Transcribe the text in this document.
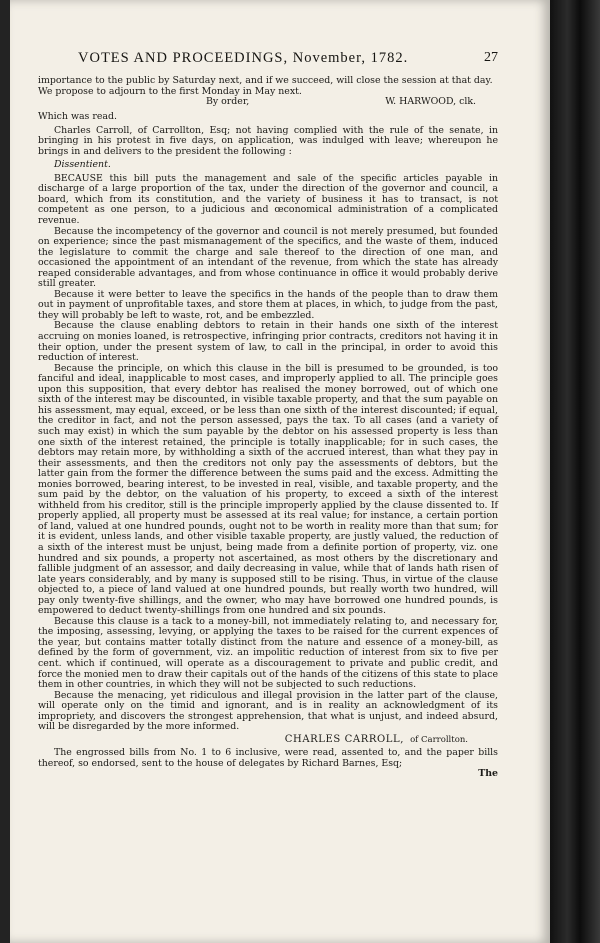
VOTES AND PROCEEDINGS, November, 1782.	27

importance to the public by Saturday next, and if we succeed, will close the session at that day.

We propose to adjourn to the first Monday in May next.

By order,	W. HARWOOD, clk.

Which was read.

Charles Carroll, of Carrollton, Esq; not having complied with the rule of the senate, in bringing in his protest in five days, on application, was indulged with leave; whereupon he brings in and delivers to the president the following :

Dissentient.

BECAUSE this bill puts the management and sale of the specific articles payable in discharge of a large proportion of the tax, under the direction of the governor and council, a board, which from its constitution, and the variety of business it has to transact, is not competent as one person, to a judicious and œconomical administration of a complicated revenue.

Because the incompetency of the governor and council is not merely presumed, but founded on experience; since the past mismanagement of the specifics, and the waste of them, induced the legislature to commit the charge and sale thereof to the direction of one man, and occasioned the appointment of an intendant of the revenue, from which the state has already reaped considerable advantages, and from whose continuance in office it would probably derive still greater.

Because it were better to leave the specifics in the hands of the people than to draw them out in payment of unprofitable taxes, and store them at places, in which, to judge from the past, they will probably be left to waste, rot, and be embezzled.

Because the clause enabling debtors to retain in their hands one sixth of the interest accruing on monies loaned, is retrospective, infringing prior contracts, creditors not having it in their option, under the present system of law, to call in the principal, in order to avoid this reduction of interest.

Because the principle, on which this clause in the bill is presumed to be grounded, is too fanciful and ideal, inapplicable to most cases, and improperly applied to all. The principle goes upon this supposition, that every debtor has realised the money borrowed, out of which one sixth of the interest may be discounted, in visible taxable property, and that the sum payable on his assessment, may equal, exceed, or be less than one sixth of the interest discounted; if equal, the creditor in fact, and not the person assessed, pays the tax. To all cases (and a variety of such may exist) in which the sum payable by the debtor on his assessed property is less than one sixth of the interest retained, the principle is totally inapplicable; for in such cases, the debtors may retain more, by withholding a sixth of the accrued interest, than what they pay in their assessments, and then the creditors not only pay the assessments of debtors, but the latter gain from the former the difference between the sums paid and the excess. Admitting the monies borrowed, bearing interest, to be invested in real, visible, and taxable property, and the sum paid by the debtor, on the valuation of his property, to exceed a sixth of the interest withheld from his creditor, still is the principle improperly applied by the clause dissented to. If properly applied, all property must be assessed at its real value; for instance, a certain portion of land, valued at one hundred pounds, ought not to be worth in reality more than that sum; for it is evident, unless lands, and other visible taxable property, are justly valued, the reduction of a sixth of the interest must be unjust, being made from a definite portion of property, viz. one hundred and six pounds, a property not ascertained, as most others by the discretionary and fallible judgment of an assessor, and daily decreasing in value, while that of lands hath risen of late years considerably, and by many is supposed still to be rising. Thus, in virtue of the clause objected to, a piece of land valued at one hundred pounds, but really worth two hundred, will pay only twenty-five shillings, and the owner, who may have borrowed one hundred pounds, is empowered to deduct twenty-shillings from one hundred and six pounds.

Because this clause is a tack to a money-bill, not immediately relating to, and necessary for, the imposing, assessing, levying, or applying the taxes to be raised for the current expences of the year, but contains matter totally distinct from the nature and essence of a money-bill, as defined by the form of government, viz. an impolitic reduction of interest from six to five per cent. which if continued, will operate as a discouragement to private and public credit, and force the monied men to draw their capitals out of the hands of the citizens of this state to place them in other countries, in which they will not be subjected to such reductions.

Because the menacing, yet ridiculous and illegal provision in the latter part of the clause, will operate only on the timid and ignorant, and is in reality an acknowledgment of its impropriety, and discovers the strongest apprehension, that what is unjust, and indeed absurd, will be disregarded by the more informed.

CHARLES CARROLL, of Carrollton.

The engrossed bills from No. 1 to 6 inclusive, were read, assented to, and the paper bills thereof, so endorsed, sent to the house of delegates by Richard Barnes, Esq;

The
